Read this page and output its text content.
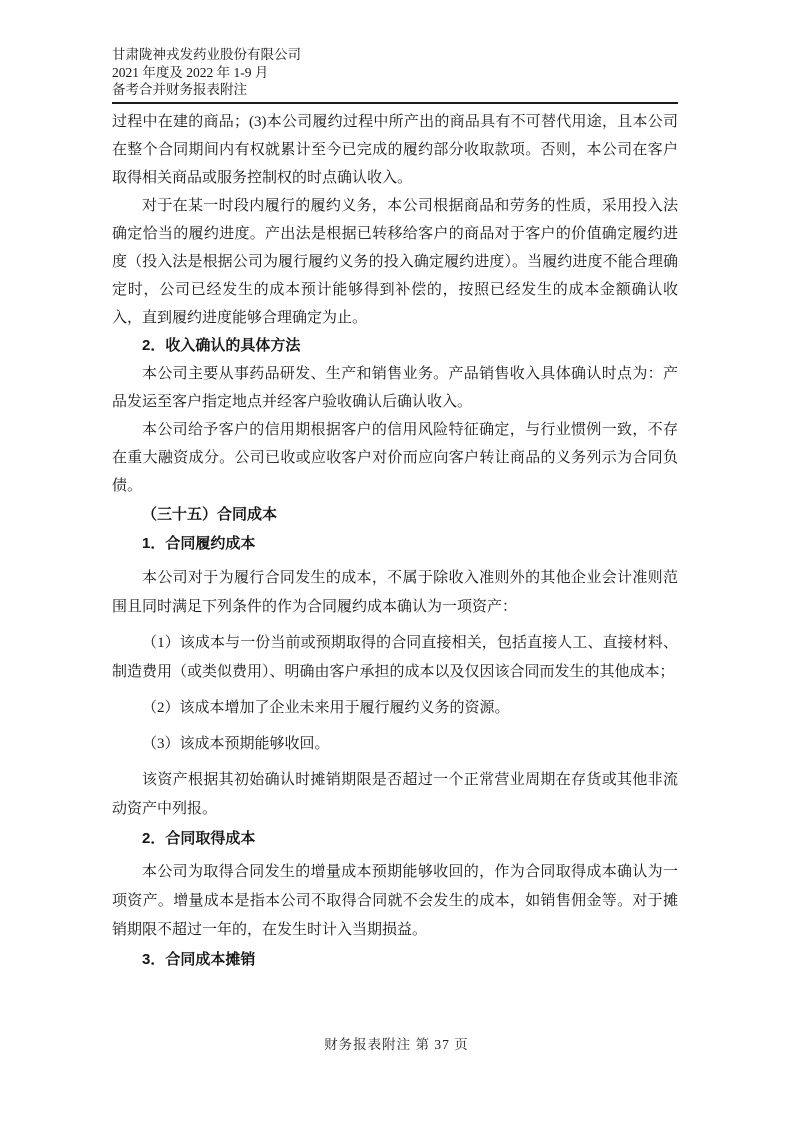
甘肃陇神戎发药业股份有限公司
2021 年度及 2022 年 1-9 月
备考合并财务报表附注

过程中在建的商品；(3)本公司履约过程中所产出的商品具有不可替代用途，且本公司在整个合同期间内有权就累计至今已完成的履约部分收取款项。否则，本公司在客户取得相关商品或服务控制权的时点确认收入。

对于在某一时段内履行的履约义务，本公司根据商品和劳务的性质，采用投入法确定恰当的履约进度。产出法是根据已转移给客户的商品对于客户的价值确定履约进度（投入法是根据公司为履行履约义务的投入确定履约进度）。当履约进度不能合理确定时，公司已经发生的成本预计能够得到补偿的，按照已经发生的成本金额确认收入，直到履约进度能够合理确定为止。

2．收入确认的具体方法

本公司主要从事药品研发、生产和销售业务。产品销售收入具体确认时点为：产品发运至客户指定地点并经客户验收确认后确认收入。

本公司给予客户的信用期根据客户的信用风险特征确定，与行业惯例一致，不存在重大融资成分。公司已收或应收客户对价而应向客户转让商品的义务列示为合同负债。

（三十五）合同成本

1．合同履约成本

本公司对于为履行合同发生的成本，不属于除收入准则外的其他企业会计准则范围且同时满足下列条件的作为合同履约成本确认为一项资产：

（1）该成本与一份当前或预期取得的合同直接相关，包括直接人工、直接材料、制造费用（或类似费用）、明确由客户承担的成本以及仅因该合同而发生的其他成本；

（2）该成本增加了企业未来用于履行履约义务的资源。

（3）该成本预期能够收回。

该资产根据其初始确认时摊销期限是否超过一个正常营业周期在存货或其他非流动资产中列报。

2．合同取得成本

本公司为取得合同发生的增量成本预期能够收回的，作为合同取得成本确认为一项资产。增量成本是指本公司不取得合同就不会发生的成本，如销售佣金等。对于摊销期限不超过一年的，在发生时计入当期损益。

3．合同成本摊销

财务报表附注 第 37 页
